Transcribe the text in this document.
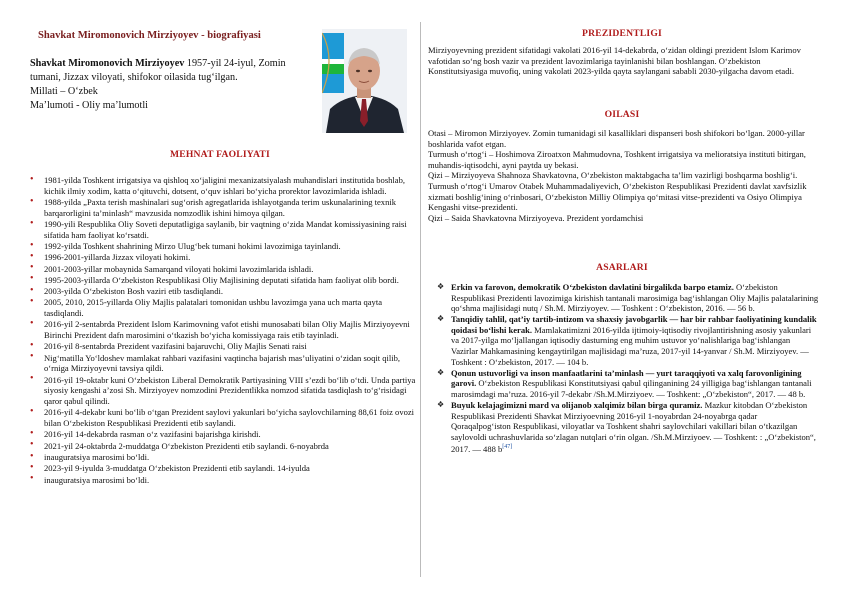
Shavkat Miromonovich Mirziyoyev - biografiyasi
Shavkat Miromonovich Mirziyoyev 1957-yil 24-iyul, Zomin tumani, Jizzax viloyati, shifokor oilasida tug‘ilgan.
Millati – O‘zbek
Ma’lumoti - Oliy ma’lumotli
MEHNAT FAOLIYATI
• 1981-yilda Toshkent irrigatsiya va qishloq xo‘jaligini mexanizatsiyalash muhandislari institutida boshlab, kichik ilmiy xodim, katta o‘qituvchi, dotsent, o‘quv ishlari bo‘yicha prorektor lavozimlarida ishladi.
• 1988-yilda „Paxta terish mashinalari sug‘orish agregatlarida ishlayotganda terim uskunalarining texnik barqarorligini ta’minlash“ mavzusida nomzodlik ishini himoya qilgan.
• 1990-yili Respublika Oliy Soveti deputatligiga saylanib, bir vaqtning o‘zida Mandat komissiyasining raisi sifatida ham faoliyat ko‘rsatdi.
• 1992-yilda Toshkent shahrining Mirzo Ulug‘bek tumani hokimi lavozimiga tayinlandi.
• 1996-2001-yillarda Jizzax viloyati hokimi.
• 2001-2003-yillar mobaynida Samarqand viloyati hokimi lavozimlarida ishladi.
• 1995-2003-yillarda O‘zbekiston Respublikasi Oliy Majlisining deputati sifatida ham faoliyat olib bordi.
• 2003-yilda O‘zbekiston Bosh vaziri etib tasdiqlandi.
• 2005, 2010, 2015-yillarda Oliy Majlis palatalari tomonidan ushbu lavozimga yana uch marta qayta tasdiqlandi.
• 2016-yil 2-sentabrda Prezident Islom Karimovning vafot etishi munosabati bilan Oliy Majlis Mirziyoyevni Birinchi Prezident dafn marosimini o‘tkazish bo‘yicha komissiyaga rais etib tayinladi.
• 2016-yil 8-sentabrda Prezident vazifasini bajaruvchi, Oliy Majlis Senati raisi
• Nig‘matilla Yo‘ldoshev mamlakat rahbari vazifasini vaqtincha bajarish mas’uliyatini o‘zidan soqit qilib, o‘rniga Mirziyoyevni tavsiya qildi.
• 2016-yil 19-oktabr kuni O‘zbekiston Liberal Demokratik Partiyasining VIII s’ezdi bo‘lib o‘tdi. Unda partiya siyosiy kengashi a’zosi Sh. Mirziyoyev nomzodini Prezidentlikka nomzod sifatida tasdiqlash to‘g‘risidagi qaror qabul qilindi.
• 2016-yil 4-dekabr kuni bo‘lib o‘tgan Prezident saylovi yakunlari bo‘yicha saylovchilarning 88,61 foiz ovozi bilan O‘zbekiston Respublikasi Prezidenti etib saylandi.
• 2016-yil 14-dekabrda rasman o‘z vazifasini bajarishga kirishdi.
• 2021-yil 24-oktabrda 2-muddatga O‘zbekiston Prezidenti etib saylandi. 6-noyabrda
• inauguratsiya marosimi bo‘ldi.
• 2023-yil 9-iyulda 3-muddatga O‘zbekiston Prezidenti etib saylandi. 14-iyulda
• inauguratsiya marosimi bo‘ldi.
PREZIDENTLIGI
Mirziyoyevning prezident sifatidagi vakolati 2016-yil 14-dekabrda, o‘zidan oldingi prezident Islom Karimov vafotidan so‘ng bosh vazir va prezident lavozimlariga tayinlanishi bilan boshlangan. O‘zbekiston Konstitutsiyasiga muvofiq, uning vakolati 2023-yilda qayta saylangani sababli 2030-yilgacha davom etadi.
OILASI
Otasi – Miromon Mirziyoyev. Zomin tumanidagi sil kasalliklari dispanseri bosh shifokori bo‘lgan. 2000-yillar boshlarida vafot etgan.
Turmush o‘rtog‘i – Hoshimova Ziroatxon Mahmudovna, Toshkent irrigatsiya va melioratsiya instituti bitirgan, muhandis-iqtisodchi, ayni paytda uy bekasi.
Qizi – Mirziyoyeva Shahnoza Shavkatovna, O‘zbekiston maktabgacha ta’lim vazirligi boshqarma boshlig‘i. Turmush o‘rtog‘i Umarov Otabek Muhammadaliyevich, O‘zbekiston Respublikasi Prezidenti davlat xavfsizlik xizmati boshlig‘ining o‘rinbosari, O‘zbekiston Milliy Olimpiya qo‘mitasi vitse-prezidenti va Osiyo Olimpiya Kengashi vitse-prezidenti.
Qizi – Saida Shavkatovna Mirziyoyeva. Prezident yordamchisi
ASARLARI
❖ Erkin va farovon, demokratik O‘zbekiston davlatini birgalikda barpo etamiz. O‘zbekiston Respublikasi Prezidenti lavozimiga kirishish tantanali marosimiga bag‘ishlangan Oliy Majlis palatalarining qo‘shma majlisidagi nutq / Sh.M. Mirziyoyev. — Toshkent : O‘zbekiston, 2016. — 56 b.
❖ Tanqidiy tahlil, qat’iy tartib-intizom va shaxsiy javobgarlik — har bir rahbar faoliyatining kundalik qoidasi bo‘lishi kerak. Mamlakatimizni 2016-yilda ijtimoiy-iqtisodiy rivojlantirishning asosiy yakunlari va 2017-yilga mo‘ljallangan iqtisodiy dasturning eng muhim ustuvor yo‘nalishlariga bag‘ishlangan Vazirlar Mahkamasining kengaytirilgan majlisidagi ma’ruza, 2017-yil 14-yanvar / Sh.M. Mirziyoyev. — Toshkent : O‘zbekiston, 2017. — 104 b.
❖ Qonun ustuvorligi va inson manfaatlarini ta’minlash — yurt taraqqiyoti va xalq farovonligining garovi. O‘zbekiston Respublikasi Konstitutsiyasi qabul qilinganining 24 yilligiga bag‘ishlangan tantanali marosimdagi ma’ruza. 2016-yil 7-dekabr /Sh.M.Mirziyoev. — Toshkent: „O‘zbekiston“, 2017. — 48 b.
❖ Buyuk kelajagimizni mard va olijanob xalqimiz bilan birga quramiz. Mazkur kitobdan O‘zbekiston Respublikasi Prezidenti Shavkat Mirziyoevning 2016-yil 1-noyabrdan 24-noyabrga qadar Qoraqalpog‘iston Respublikasi, viloyatlar va Toshkent shahri saylovchilari vakillari bilan o‘tkazilgan saylovoldi uchrashuvlarida so‘zlagan nutqlari o‘rin olgan. /Sh.M.Mirziyoev. — Toshkent: : „O‘zbekiston“, 2017. — 488 b[47]
